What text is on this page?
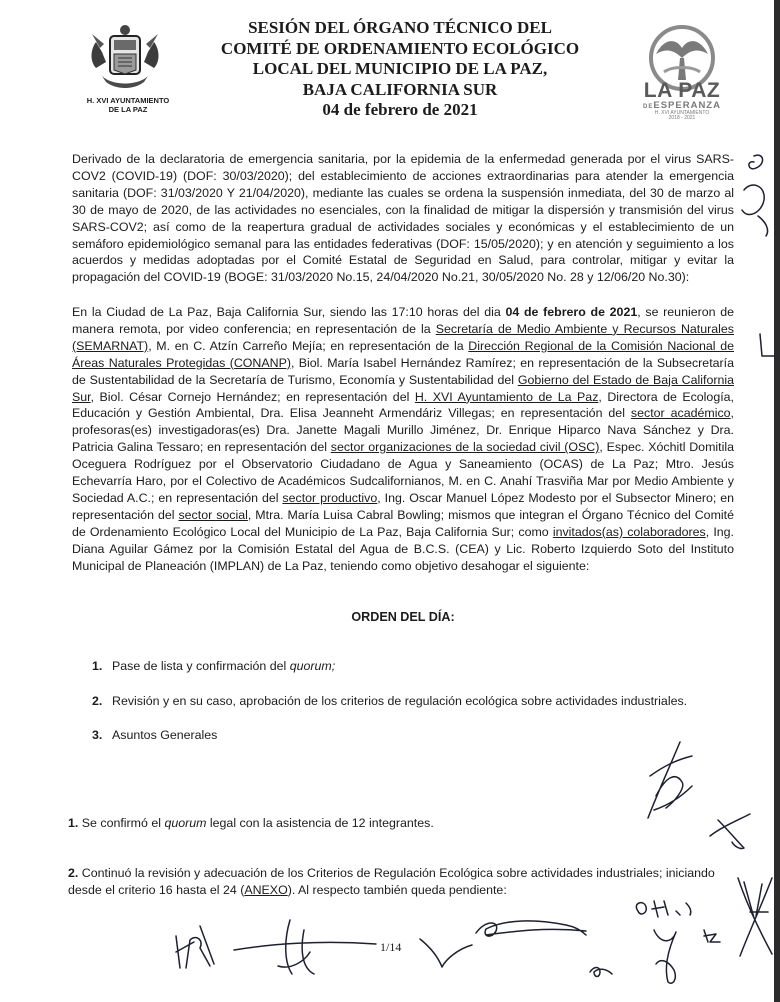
H. XVI AYUNTAMIENTO
DE LA PAZ
SESIÓN DEL ÓRGANO TÉCNICO DEL
COMITÉ DE ORDENAMIENTO ECOLÓGICO
LOCAL DEL MUNICIPIO DE LA PAZ,
BAJA CALIFORNIA SUR
04 de febrero de 2021
LA PAZ
DEESPERANZA
H. XVI AYUNTAMIENTO
2018 - 2021
Derivado de la declaratoria de emergencia sanitaria, por la epidemia de la enfermedad generada por el virus SARS-COV2 (COVID-19) (DOF: 30/03/2020); del establecimiento de acciones extraordinarias para atender la emergencia sanitaria (DOF: 31/03/2020 Y 21/04/2020), mediante las cuales se ordena la suspensión inmediata, del 30 de marzo al 30 de mayo de 2020, de las actividades no esenciales, con la finalidad de mitigar la dispersión y transmisión del virus SARS-COV2; así como de la reapertura gradual de actividades sociales y económicas y el establecimiento de un semáforo epidemiológico semanal para las entidades federativas (DOF: 15/05/2020); y en atención y seguimiento a los acuerdos y medidas adoptadas por el Comité Estatal de Seguridad en Salud, para controlar, mitigar y evitar la propagación del COVID-19 (BOGE: 31/03/2020 No.15, 24/04/2020 No.21, 30/05/2020 No. 28 y 12/06/20 No.30):
En la Ciudad de La Paz, Baja California Sur, siendo las 17:10 horas del dia 04 de febrero de 2021, se reunieron de manera remota, por video conferencia; en representación de la Secretaría de Medio Ambiente y Recursos Naturales (SEMARNAT), M. en C. Atzín Carreño Mejía; en representación de la Dirección Regional de la Comisión Nacional de Áreas Naturales Protegidas (CONANP), Biol. María Isabel Hernández Ramírez; en representación de la Subsecretaría de Sustentabilidad de la Secretaría de Turismo, Economía y Sustentabilidad del Gobierno del Estado de Baja California Sur, Biol. César Cornejo Hernández; en representación del H. XVI Ayuntamiento de La Paz, Directora de Ecología, Educación y Gestión Ambiental, Dra. Elisa Jeanneht Armendáriz Villegas; en representación del sector académico, profesoras(es) investigadoras(es) Dra. Janette Magali Murillo Jiménez, Dr. Enrique Hiparco Nava Sánchez y Dra. Patricia Galina Tessaro; en representación del sector organizaciones de la sociedad civil (OSC), Espec. Xóchitl Domitila Oceguera Rodríguez por el Observatorio Ciudadano de Agua y Saneamiento (OCAS) de La Paz; Mtro. Jesús Echevarría Haro, por el Colectivo de Académicos Sudcalifornianos, M. en C. Anahí Trasviña Mar por Medio Ambiente y Sociedad A.C.; en representación del sector productivo, Ing. Oscar Manuel López Modesto por el Subsector Minero; en representación del sector social, Mtra. María Luisa Cabral Bowling; mismos que integran el Órgano Técnico del Comité de Ordenamiento Ecológico Local del Municipio de La Paz, Baja California Sur; como invitados(as) colaboradores, Ing. Diana Aguilar Gámez por la Comisión Estatal del Agua de B.C.S. (CEA) y Lic. Roberto Izquierdo Soto del Instituto Municipal de Planeación (IMPLAN) de La Paz, teniendo como objetivo desahogar el siguiente:
ORDEN DEL DÍA:
1. Pase de lista y confirmación del quorum;
2. Revisión y en su caso, aprobación de los criterios de regulación ecológica sobre actividades industriales.
3. Asuntos Generales
1. Se confirmó el quorum legal con la asistencia de 12 integrantes.
2. Continuó la revisión y adecuación de los Criterios de Regulación Ecológica sobre actividades industriales; iniciando desde el criterio 16 hasta el 24 (ANEXO). Al respecto también queda pendiente:
1/14
